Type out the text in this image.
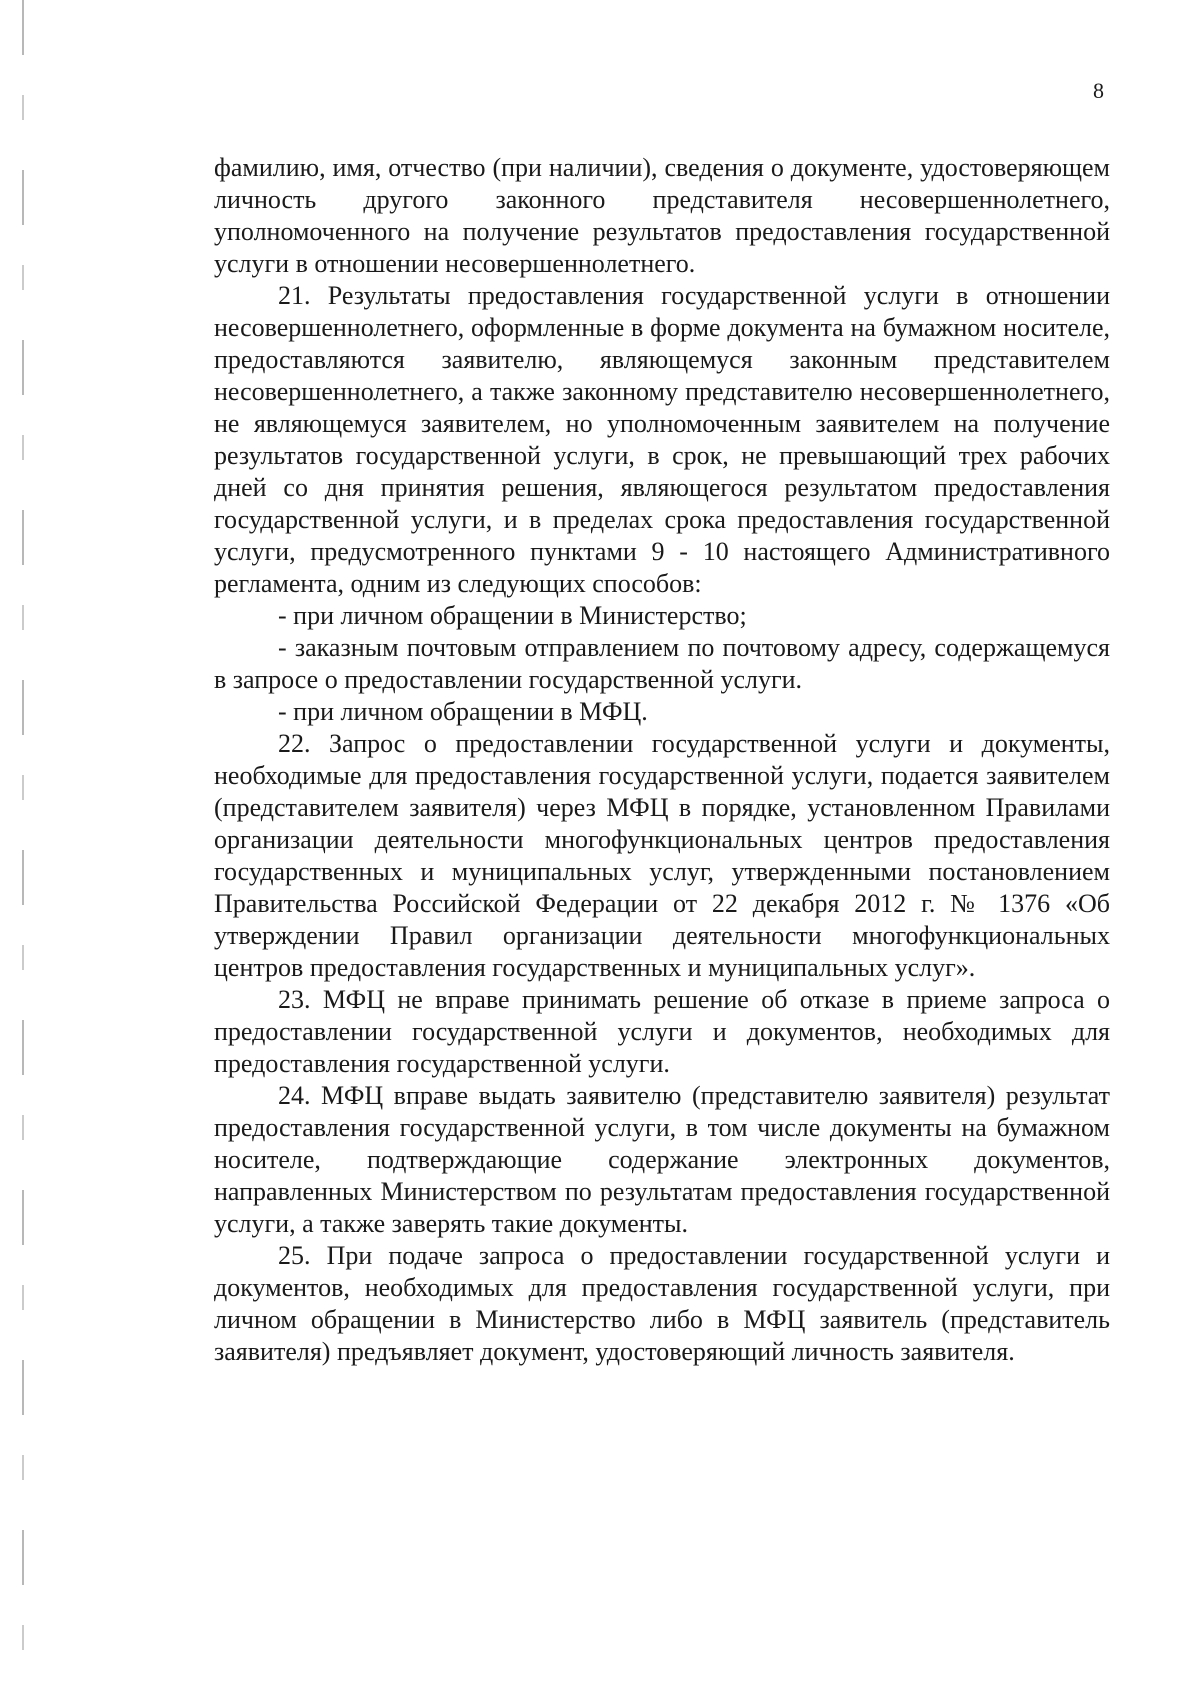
8

фамилию, имя, отчество (при наличии), сведения о документе, удостоверяющем личность другого законного представителя несовершеннолетнего, уполномоченного на получение результатов предоставления государственной услуги в отношении несовершеннолетнего.

21. Результаты предоставления государственной услуги в отношении несовершеннолетнего, оформленные в форме документа на бумажном носителе, предоставляются заявителю, являющемуся законным представителем несовершеннолетнего, а также законному представителю несовершеннолетнего, не являющемуся заявителем, но уполномоченным заявителем на получение результатов государственной услуги, в срок, не превышающий трех рабочих дней со дня принятия решения, являющегося результатом предоставления государственной услуги, и в пределах срока предоставления государственной услуги, предусмотренного пунктами 9 - 10 настоящего Административного регламента, одним из следующих способов:

- при личном обращении в Министерство;

- заказным почтовым отправлением по почтовому адресу, содержащемуся в запросе о предоставлении государственной услуги.

- при личном обращении в МФЦ.

22. Запрос о предоставлении государственной услуги и документы, необходимые для предоставления государственной услуги, подается заявителем (представителем заявителя) через МФЦ в порядке, установленном Правилами организации деятельности многофункциональных центров предоставления государственных и муниципальных услуг, утвержденными постановлением Правительства Российской Федерации от 22 декабря 2012 г. № 1376 «Об утверждении Правил организации деятельности многофункциональных центров предоставления государственных и муниципальных услуг».

23. МФЦ не вправе принимать решение об отказе в приеме запроса о предоставлении государственной услуги и документов, необходимых для предоставления государственной услуги.

24. МФЦ вправе выдать заявителю (представителю заявителя) результат предоставления государственной услуги, в том числе документы на бумажном носителе, подтверждающие содержание электронных документов, направленных Министерством по результатам предоставления государственной услуги, а также заверять такие документы.

25. При подаче запроса о предоставлении государственной услуги и документов, необходимых для предоставления государственной услуги, при личном обращении в Министерство либо в МФЦ заявитель (представитель заявителя) предъявляет документ, удостоверяющий личность заявителя.
